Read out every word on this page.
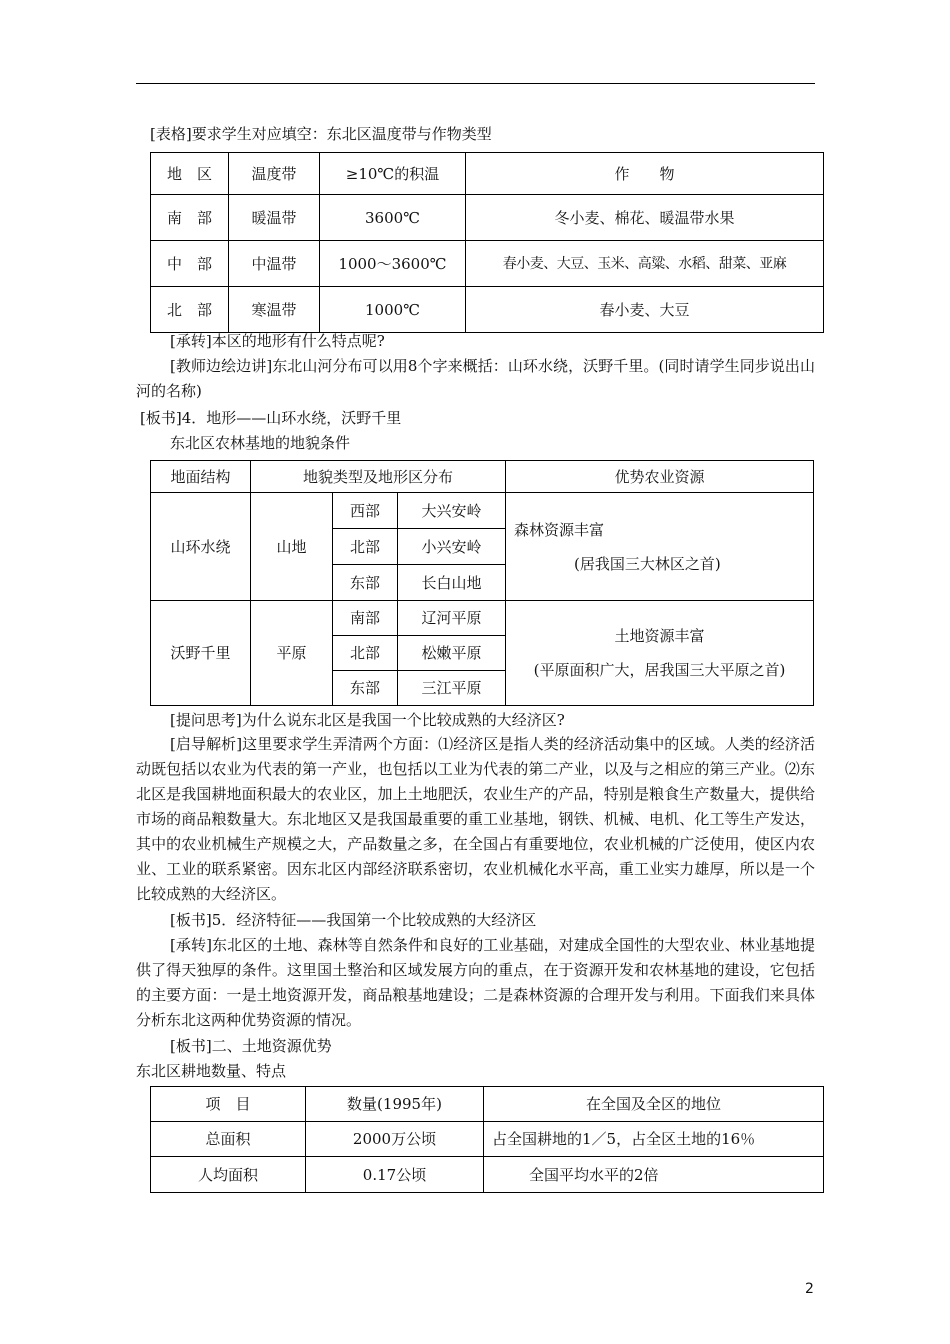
[表格]要求学生对应填空：东北区温度带与作物类型
地　区	温度带	≥10℃的积温	作　　物
南　部	暖温带	3600℃	冬小麦、棉花、暖温带水果
中　部	中温带	1000～3600℃	春小麦、大豆、玉米、高粱、水稻、甜菜、亚麻
北　部	寒温带	1000℃	春小麦、大豆
[承转]本区的地形有什么特点呢?
[教师边绘边讲]东北山河分布可以用8个字来概括：山环水绕，沃野千里。(同时请学生同步说出山河的名称)
[板书]4．地形——山环水绕，沃野千里
东北区农林基地的地貌条件
地面结构	地貌类型及地形区分布			优势农业资源
山环水绕	山地	西部	大兴安岭	森林资源丰富
(居我国三大林区之首)

		北部	小兴安岭	
		东部	长白山地	
沃野千里	平原	南部	辽河平原	土地资源丰富
(平原面积广大，居我国三大平原之首)

		北部	松嫩平原	
		东部	三江平原	
[提问思考]为什么说东北区是我国一个比较成熟的大经济区?
[启导解析]这里要求学生弄清两个方面：⑴经济区是指人类的经济活动集中的区域。人类的经济活动既包括以农业为代表的第一产业，也包括以工业为代表的第二产业，以及与之相应的第三产业。⑵东北区是我国耕地面积最大的农业区，加上土地肥沃，农业生产的产品，特别是粮食生产数量大，提供给市场的商品粮数量大。东北地区又是我国最重要的重工业基地，钢铁、机械、电机、化工等生产发达，其中的农业机械生产规模之大，产品数量之多，在全国占有重要地位，农业机械的广泛使用，使区内农业、工业的联系紧密。因东北区内部经济联系密切，农业机械化水平高，重工业实力雄厚，所以是一个比较成熟的大经济区。
[板书]5．经济特征——我国第一个比较成熟的大经济区
[承转]东北区的土地、森林等自然条件和良好的工业基础，对建成全国性的大型农业、林业基地提供了得天独厚的条件。这里国土整治和区域发展方向的重点，在于资源开发和农林基地的建设，它包括的主要方面：一是土地资源开发，商品粮基地建设；二是森林资源的合理开发与利用。下面我们来具体分析东北这两种优势资源的情况。
[板书]二、土地资源优势
东北区耕地数量、特点
项　目	数量(1995年)	在全国及全区的地位
总面积	2000万公顷	占全国耕地的1／5，占全区土地的16％
人均面积	0.17公顷	全国平均水平的2倍
2
